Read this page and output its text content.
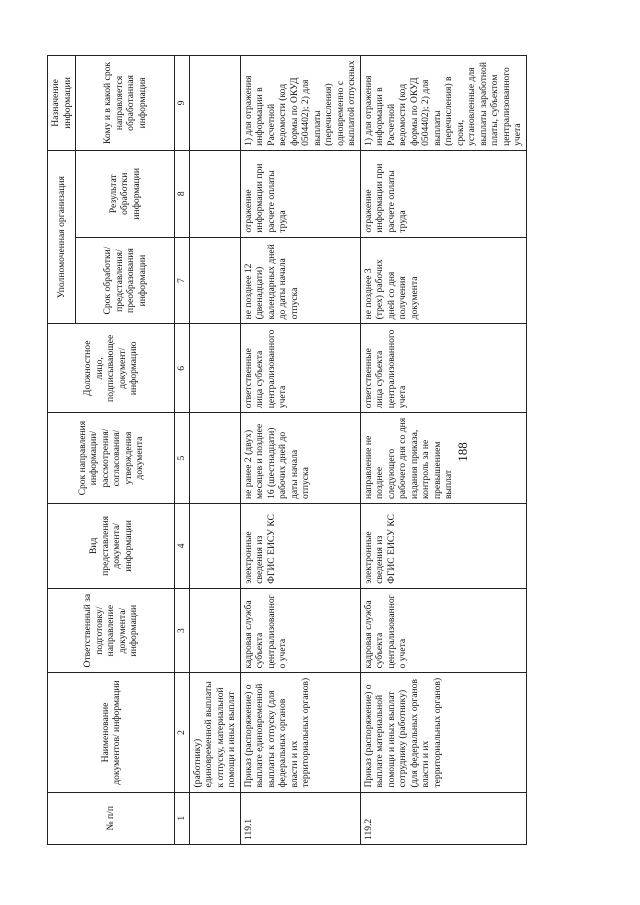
188
№ п/п	Наименование документов/ информации	Ответственный за подготовку/ направление документа/ информации	Вид представления документа/ информации	Срок направления информации/ рассмотрения/ согласования/ утверждения документа	Должностное лицо, подписывающее документ/ информацию	Уполномоченная организация		Назначение информации
						Срок обработки/ представления/ преобразования информации	Результат обработки информации	Кому и в какой срок направляется обработанная информация
1	2	3	4	5	6	7	8	9
	(работнику) единовременной выплаты к отпуску, материальной помощи и иных выплат							
119.1	Приказ (распоряжение) о выплате единовременной выплаты к отпуску (для федеральных органов власти и их территориальных органов)	кадровая служба субъекта централизованного учета	электронные сведения из ФГИС ЕИСУ КС	не ранее 2 (двух) месяцев и позднее 16 (шестнадцати) рабочих дней до даты начала отпуска	ответственные лица субъекта централизованного учета	не позднее 12 (двенадцати) календарных дней до даты начала отпуска	отражение информации при расчете оплаты труда	1) для отражения информации в Расчетной ведомости (код формы по ОКУД 0504402); 2) для выплаты (перечисления) одновременно с выплатой отпускных
119.2	Приказ (распоряжение) о выплате материальной помощи и иных выплат сотруднику (работнику) (для федеральных органов власти и их территориальных органов)	кадровая служба субъекта централизованного учета	электронные сведения из ФГИС ЕИСУ КС	направление не позднее следующего рабочего дня со дня издания приказа, контроль за не превышением выплат	ответственные лица субъекта централизованного учета	не позднее 3 (трех) рабочих дней со дня получения документа	отражение информации при расчете оплаты труда	1) для отражения информации в Расчетной ведомости (код формы по ОКУД 0504402); 2) для выплаты (перечисления) в сроки, установленные для выплаты заработной платы, субъектом централизованного учета
